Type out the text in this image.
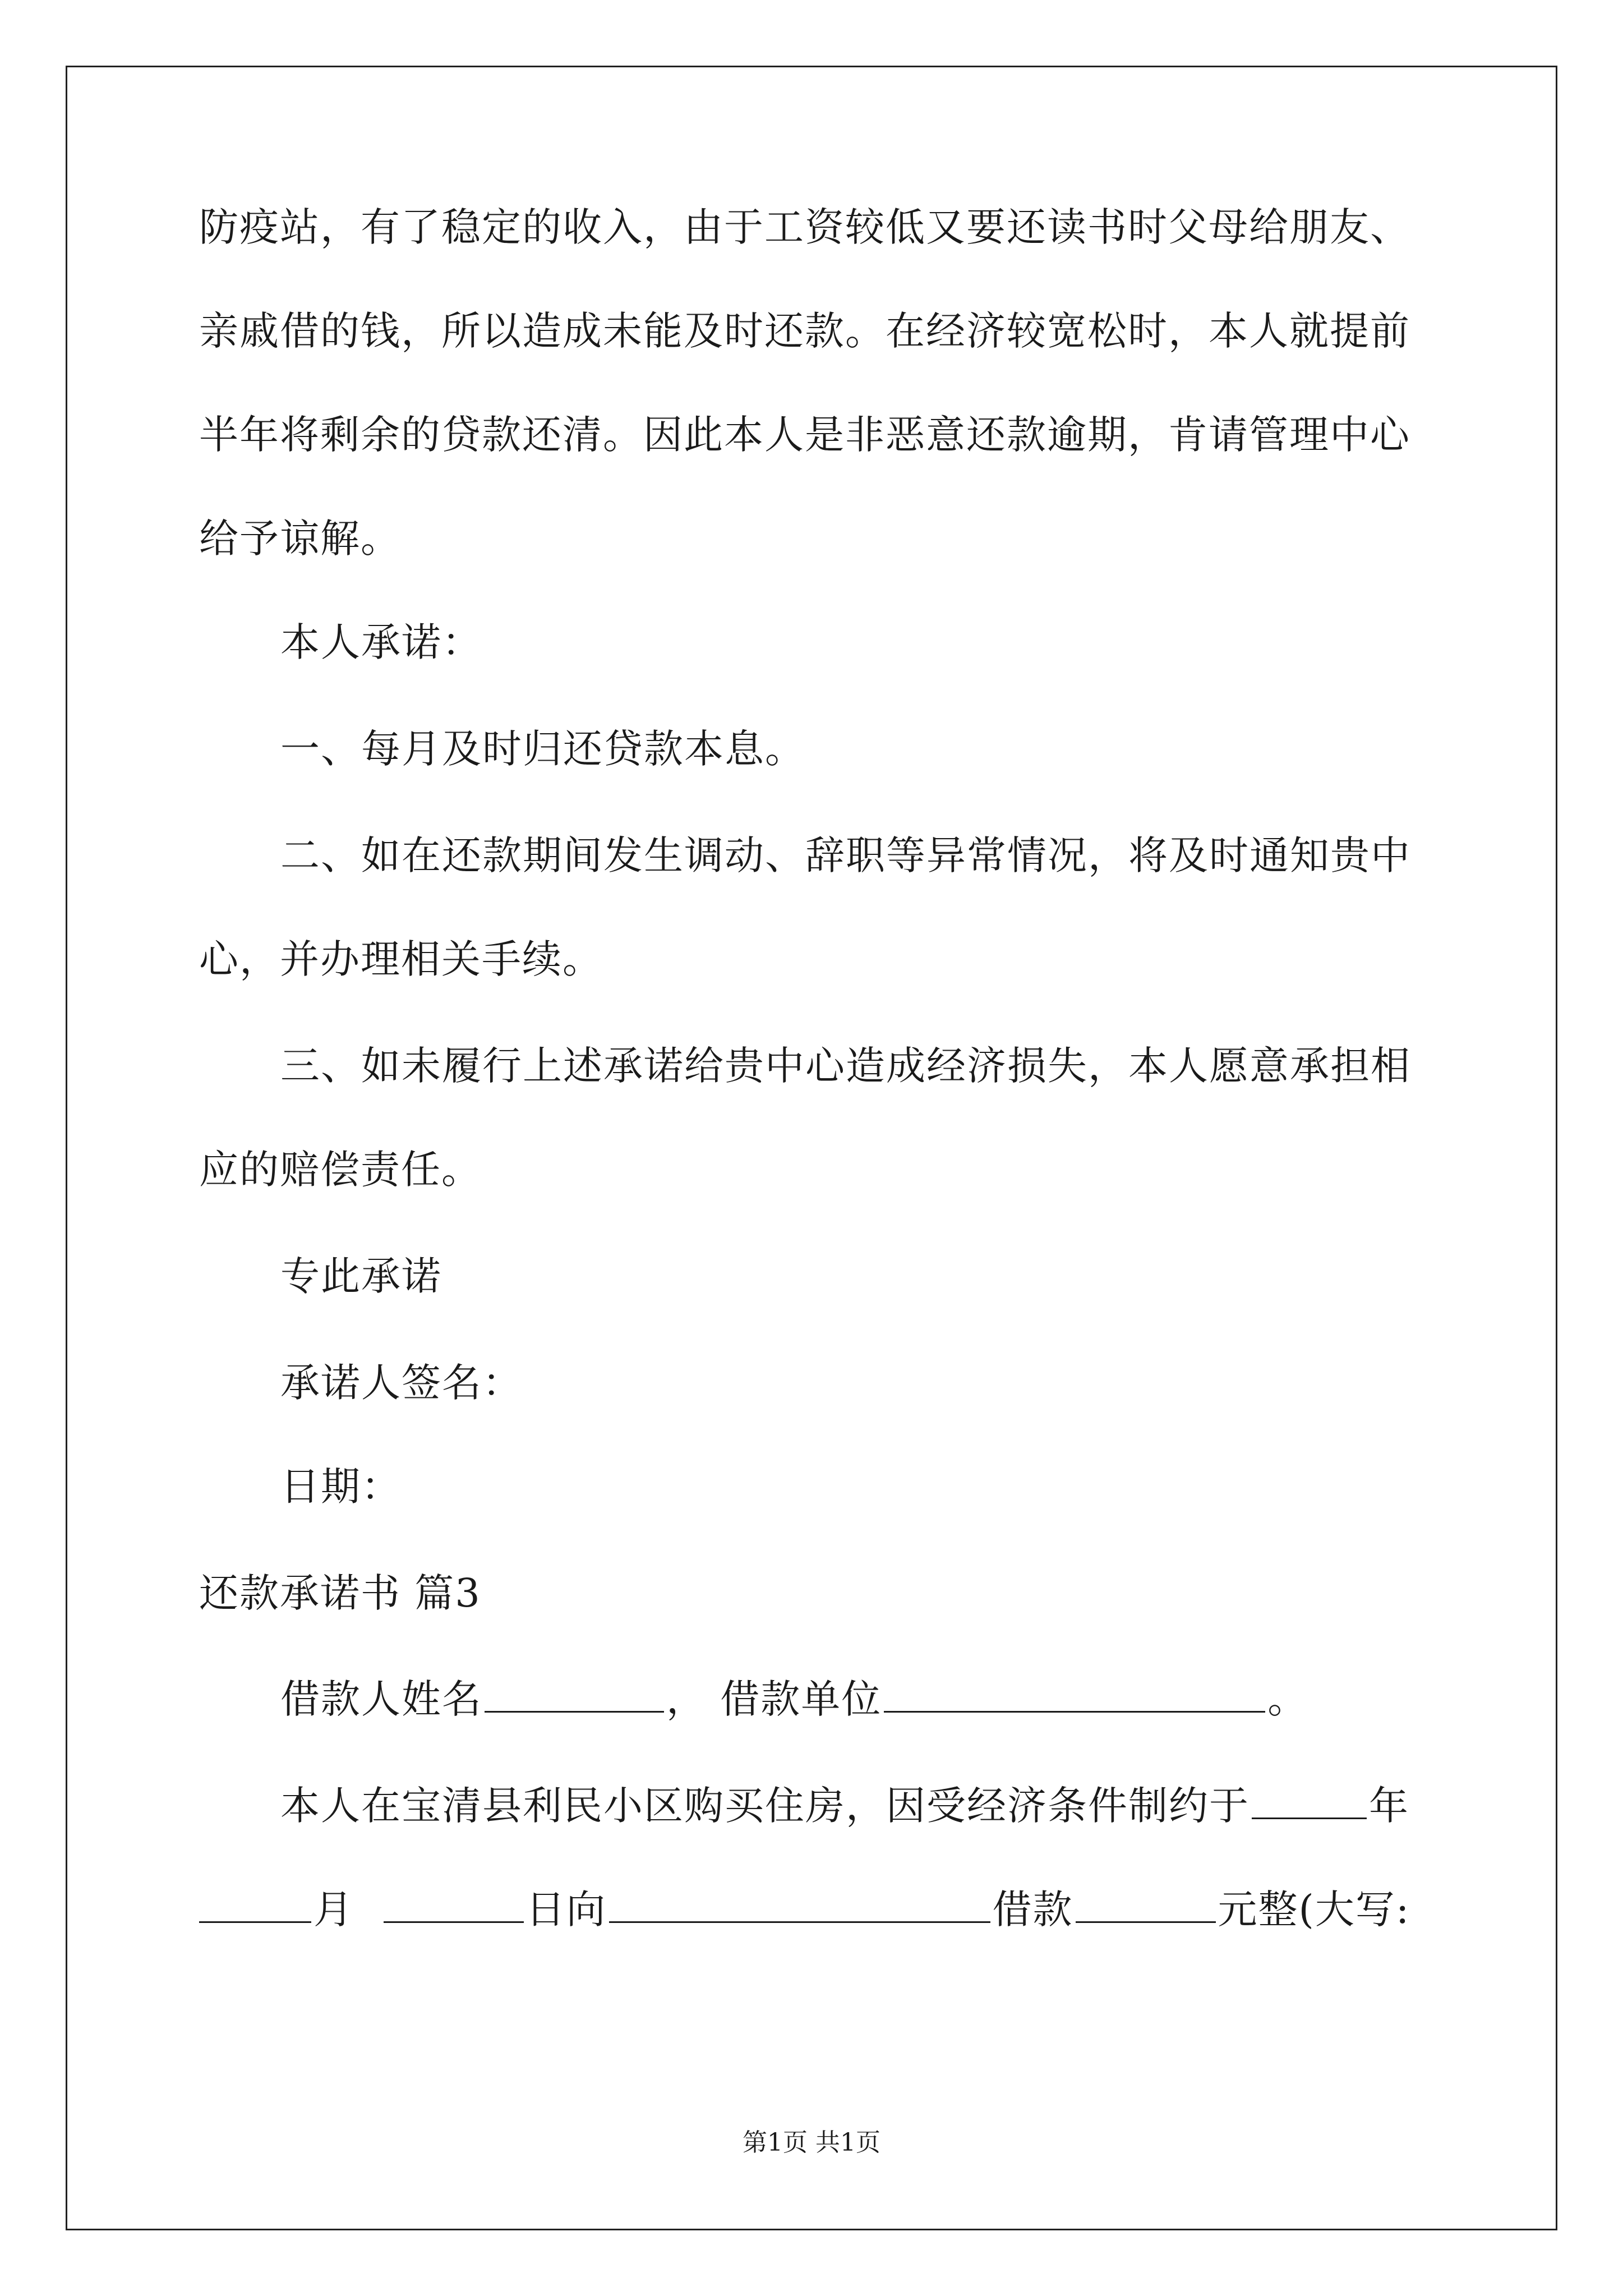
防疫站，有了稳定的收入，由于工资较低又要还读书时父母给朋友、
亲戚借的钱，所以造成未能及时还款。在经济较宽松时，本人就提前
半年将剩余的贷款还清。因此本人是非恶意还款逾期，肯请管理中心
给予谅解。
本人承诺：
一、每月及时归还贷款本息。
二、如在还款期间发生调动、辞职等异常情况，将及时通知贵中
心，并办理相关手续。
三、如未履行上述承诺给贵中心造成经济损失，本人愿意承担相
应的赔偿责任。
专此承诺
承诺人签名：
日期：
还款承诺书 篇3
借款人姓名	， 借款单位	。
本人在宝清县利民小区购买住房，因受经济条件制约于	年
月	日向	借款	元整(大写:
第1页 共1页
